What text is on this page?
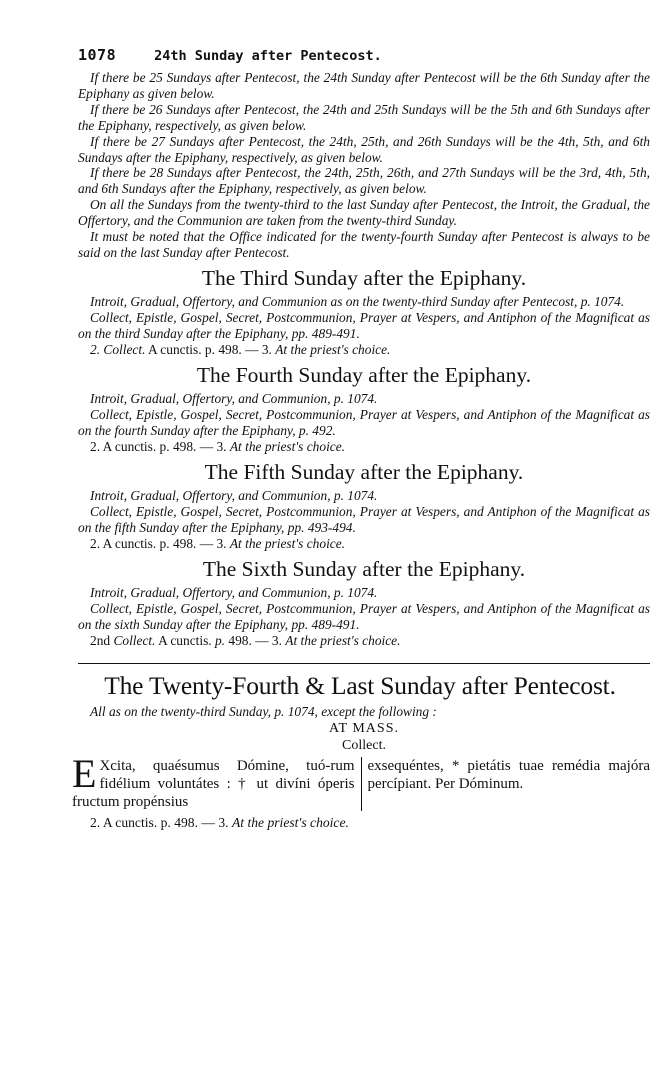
1078	24th Sunday after Pentecost.

If there be 25 Sundays after Pentecost, the 24th Sunday after Pentecost will be the 6th Sunday after the Epiphany as given below.

If there be 26 Sundays after Pentecost, the 24th and 25th Sundays will be the 5th and 6th Sundays after the Epiphany, respectively, as given below.

If there be 27 Sundays after Pentecost, the 24th, 25th, and 26th Sundays will be the 4th, 5th, and 6th Sundays after the Epiphany, respectively, as given below.

If there be 28 Sundays after Pentecost, the 24th, 25th, 26th, and 27th Sundays will be the 3rd, 4th, 5th, and 6th Sundays after the Epiphany, respectively, as given below.

On all the Sundays from the twenty-third to the last Sunday after Pentecost, the Introit, the Gradual, the Offertory, and the Communion are taken from the twenty-third Sunday.

It must be noted that the Office indicated for the twenty-fourth Sunday after Pentecost is always to be said on the last Sunday after Pentecost.

The Third Sunday after the Epiphany.

Introit, Gradual, Offertory, and Communion as on the twenty-third Sunday after Pentecost, p. 1074.

Collect, Epistle, Gospel, Secret, Postcommunion, Prayer at Vespers, and Antiphon of the Magnificat as on the third Sunday after the Epiphany, pp. 489-491.

2. Collect. A cunctis. p. 498. — 3. At the priest's choice.

The Fourth Sunday after the Epiphany.

Introit, Gradual, Offertory, and Communion, p. 1074.

Collect, Epistle, Gospel, Secret, Postcommunion, Prayer at Vespers, and Antiphon of the Magnificat as on the fourth Sunday after the Epiphany, p. 492.

2. A cunctis. p. 498. — 3. At the priest's choice.

The Fifth Sunday after the Epiphany.

Introit, Gradual, Offertory, and Communion, p. 1074.

Collect, Epistle, Gospel, Secret, Postcommunion, Prayer at Vespers, and Antiphon of the Magnificat as on the fifth Sunday after the Epiphany, pp. 493-494.

2. A cunctis. p. 498. — 3. At the priest's choice.

The Sixth Sunday after the Epiphany.

Introit, Gradual, Offertory, and Communion, p. 1074.

Collect, Epistle, Gospel, Secret, Postcommunion, Prayer at Vespers, and Antiphon of the Magnificat as on the sixth Sunday after the Epiphany, pp. 489-491.

2nd Collect. A cunctis. p. 498. — 3. At the priest's choice.

The Twenty-Fourth & Last Sunday after Pentecost.

All as on the twenty-third Sunday, p. 1074, except the following :

AT MASS.
Collect.
E Xcita, quaésumus Dómine, tuó-rum fidélium voluntátes : † ut divíni óperis fructum propénsius
exsequéntes, * pietátis tuae remédia majóra percípiant. Per Dóminum.

2. A cunctis. p. 498. — 3. At the priest's choice.
